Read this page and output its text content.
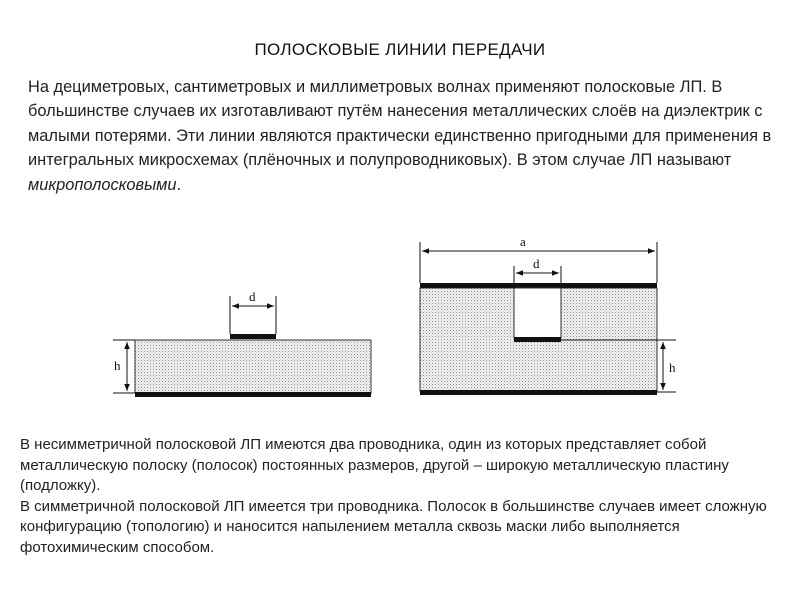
ПОЛОСКОВЫЕ ЛИНИИ ПЕРЕДАЧИ
На дециметровых, сантиметровых и миллиметровых волнах применяют полосковые ЛП. В большинстве случаев их изготавливают путём нанесения металлических слоёв на диэлектрик с малыми потерями. Эти линии являются практически единственно пригодными для применения в интегральных микросхемах (плёночных и полупроводниковых). В этом случае ЛП называют микрополосковыми.
d
h
a
d
h

В несимметричной полосковой ЛП имеются два проводника, один из которых представляет собой металлическую полоску (полосок) постоянных размеров, другой – широкую металлическую пластину (подложку).

В симметричной полосковой ЛП имеется три проводника. Полосок в большинстве случаев имеет сложную конфигурацию (топологию) и наносится напылением металла сквозь маски либо выполняется фотохимическим способом.
